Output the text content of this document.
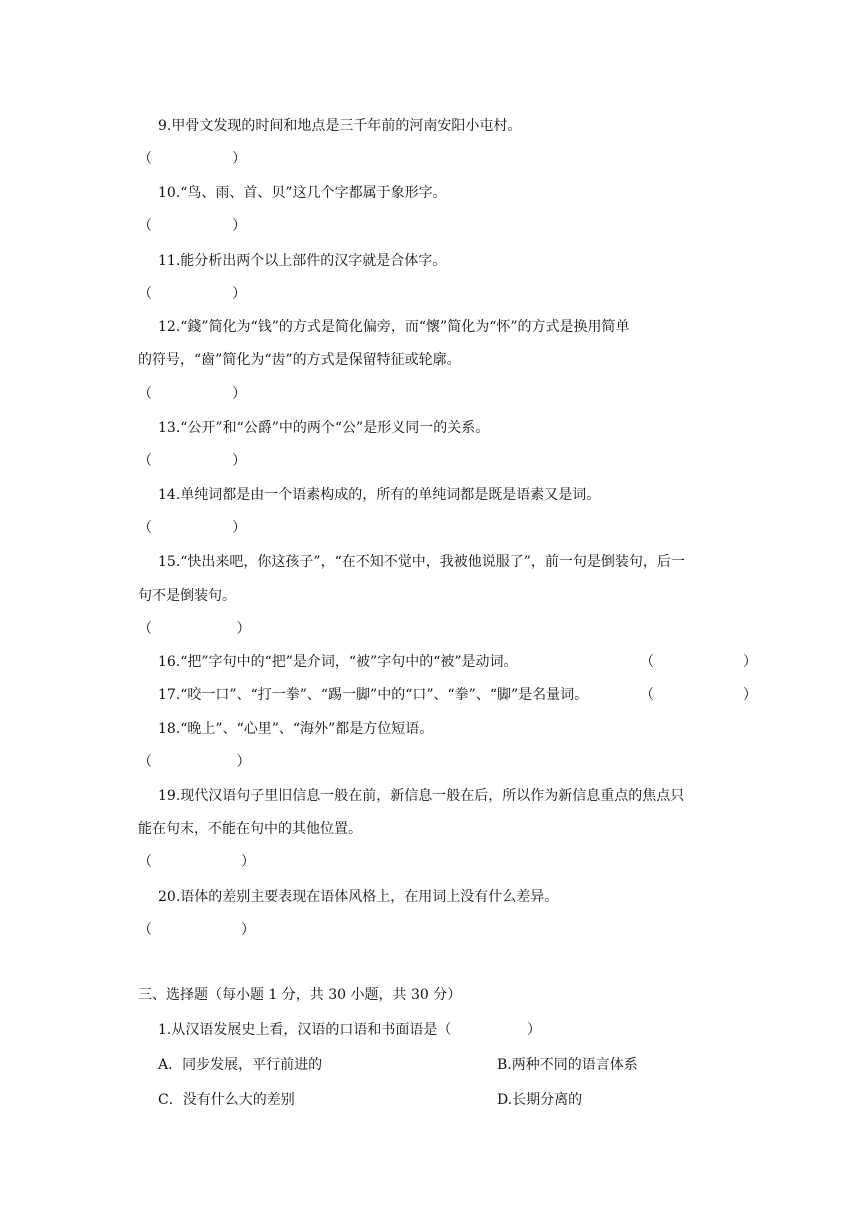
9.甲骨文发现的时间和地点是三千年前的河南安阳小屯村。
（                  ）
10.“鸟、雨、首、贝”这几个字都属于象形字。
（                  ）
11.能分析出两个以上部件的汉字就是合体字。
（                  ）
12.“錢”简化为“钱”的方式是简化偏旁，而“懷”简化为“怀”的方式是换用简单
的符号，“齒”简化为“齿”的方式是保留特征或轮廓。
（                  ）
13.“公开”和“公爵”中的两个“公”是形义同一的关系。
（                  ）
14.单纯词都是由一个语素构成的，所有的单纯词都是既是语素又是词。
（                  ）
15.“快出来吧，你这孩子”，“在不知不觉中，我被他说服了”，前一句是倒装句，后一
句不是倒装句。
（                   ）
16.“把”字句中的“把”是介词，“被”字句中的“被”是动词。	（                    ）
17.“咬一口”、“打一拳”、“踢一脚”中的“口”、“拳”、“脚”是名量词。	（                    ）
18.“晚上”、“心里”、“海外”都是方位短语。
（                   ）
19.现代汉语句子里旧信息一般在前，新信息一般在后，所以作为新信息重点的焦点只
能在句末，不能在句中的其他位置。
（                    ）
20.语体的差别主要表现在语体风格上，在用词上没有什么差异。
（                    ）
三、选择题（每小题 1 分，共 30 小题，共 30 分）
1.从汉语发展史上看，汉语的口语和书面语是（                 ）
A．同步发展，平行前进的	B.两种不同的语言体系
C．没有什么大的差别	D.长期分离的
